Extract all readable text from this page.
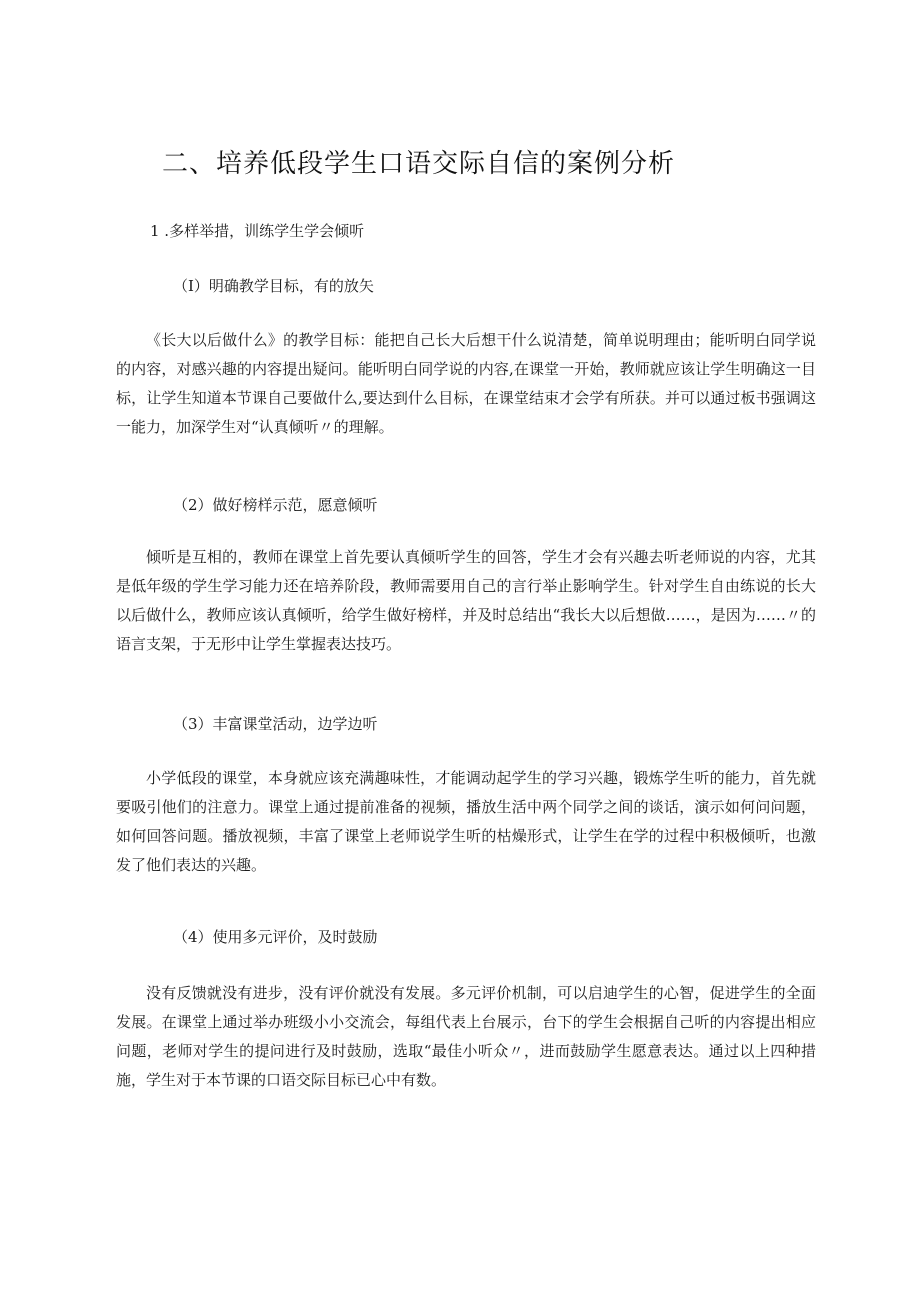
二、培养低段学生口语交际自信的案例分析
1 .多样举措，训练学生学会倾听
（I）明确教学目标，有的放矢

《长大以后做什么》的教学目标：能把自己长大后想干什么说清楚，简单说明理由；能听明白同学说的内容，对感兴趣的内容提出疑问。能听明白同学说的内容,在课堂一开始，教师就应该让学生明确这一目标，让学生知道本节课自己要做什么,要达到什么目标，在课堂结束才会学有所获。并可以通过板书强调这一能力，加深学生对“认真倾听〃的理解。

（2）做好榜样示范，愿意倾听

倾听是互相的，教师在课堂上首先要认真倾听学生的回答，学生才会有兴趣去听老师说的内容，尤其是低年级的学生学习能力还在培养阶段，教师需要用自己的言行举止影响学生。针对学生自由练说的长大以后做什么，教师应该认真倾听，给学生做好榜样，并及时总结出“我长大以后想做……，是因为……〃的语言支架，于无形中让学生掌握表达技巧。

（3）丰富课堂活动，边学边听

小学低段的课堂，本身就应该充满趣味性，才能调动起学生的学习兴趣，锻炼学生听的能力，首先就要吸引他们的注意力。课堂上通过提前准备的视频，播放生活中两个同学之间的谈话，演示如何问问题，如何回答问题。播放视频，丰富了课堂上老师说学生听的枯燥形式，让学生在学的过程中积极倾听，也激发了他们表达的兴趣。

（4）使用多元评价，及时鼓励

没有反馈就没有进步，没有评价就没有发展。多元评价机制，可以启迪学生的心智，促进学生的全面发展。在课堂上通过举办班级小小交流会，每组代表上台展示，台下的学生会根据自己听的内容提出相应问题，老师对学生的提问进行及时鼓励，选取“最佳小听众〃，进而鼓励学生愿意表达。通过以上四种措施，学生对于本节课的口语交际目标已心中有数。
